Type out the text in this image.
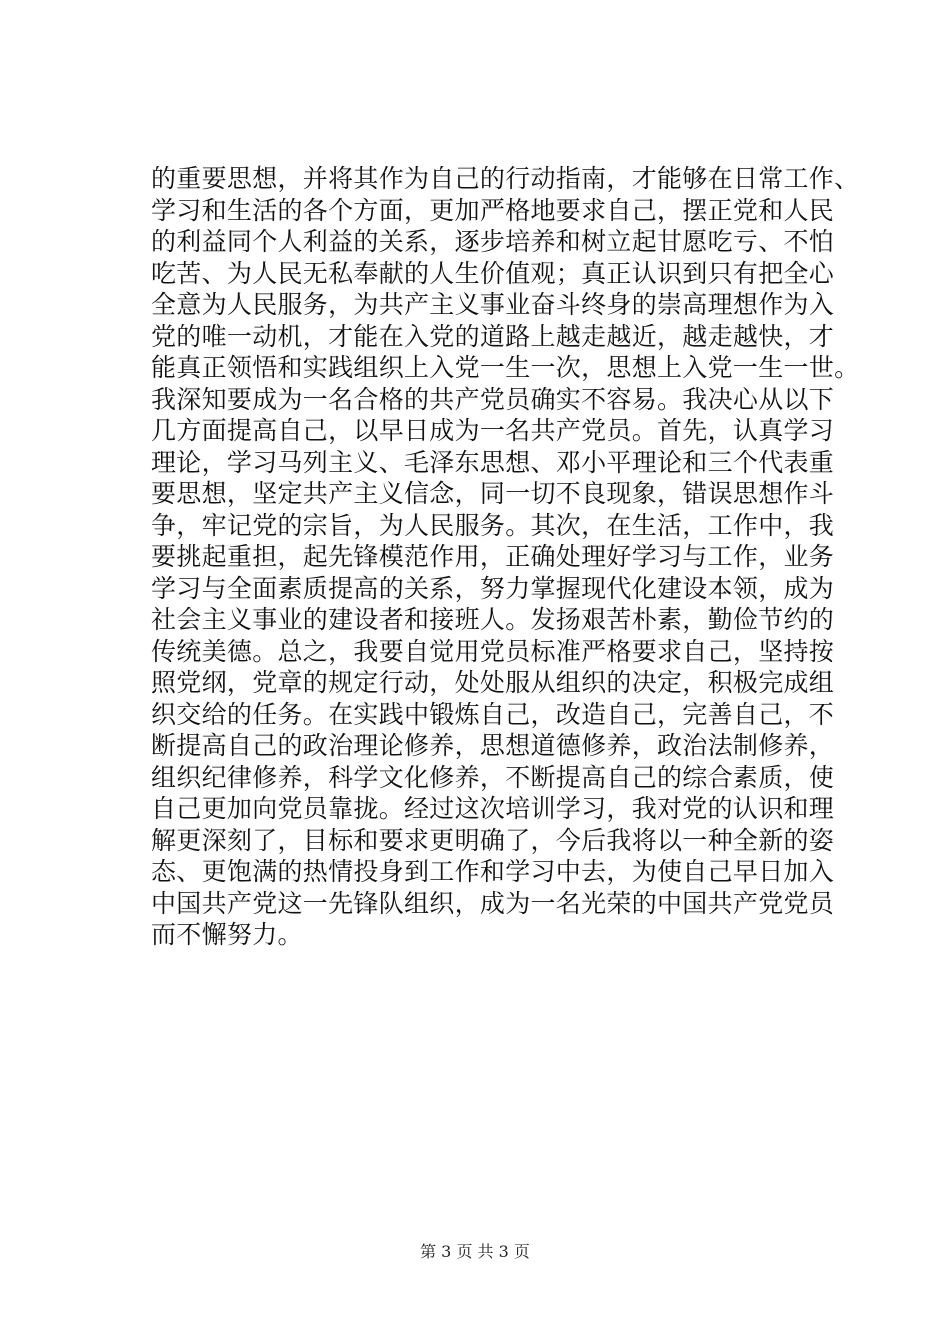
的重要思想，并将其作为自己的行动指南，才能够在日常工作、
学习和生活的各个方面，更加严格地要求自己，摆正党和人民
的利益同个人利益的关系，逐步培养和树立起甘愿吃亏、不怕
吃苦、为人民无私奉献的人生价值观；真正认识到只有把全心
全意为人民服务，为共产主义事业奋斗终身的崇高理想作为入
党的唯一动机，才能在入党的道路上越走越近，越走越快，才
能真正领悟和实践组织上入党一生一次，思想上入党一生一世。
我深知要成为一名合格的共产党员确实不容易。我决心从以下
几方面提高自己，以早日成为一名共产党员。首先，认真学习
理论，学习马列主义、毛泽东思想、邓小平理论和三个代表重
要思想，坚定共产主义信念，同一切不良现象，错误思想作斗
争，牢记党的宗旨，为人民服务。其次，在生活，工作中，我
要挑起重担，起先锋模范作用，正确处理好学习与工作，业务
学习与全面素质提高的关系，努力掌握现代化建设本领，成为
社会主义事业的建设者和接班人。发扬艰苦朴素，勤俭节约的
传统美德。总之，我要自觉用党员标准严格要求自己，坚持按
照党纲，党章的规定行动，处处服从组织的决定，积极完成组
织交给的任务。在实践中锻炼自己，改造自己，完善自己，不
断提高自己的政治理论修养，思想道德修养，政治法制修养，
组织纪律修养，科学文化修养，不断提高自己的综合素质，使
自己更加向党员靠拢。经过这次培训学习，我对党的认识和理
解更深刻了，目标和要求更明确了，今后我将以一种全新的姿
态、更饱满的热情投身到工作和学习中去，为使自己早日加入
中国共产党这一先锋队组织，成为一名光荣的中国共产党党员
而不懈努力。
第 3 页 共 3 页
